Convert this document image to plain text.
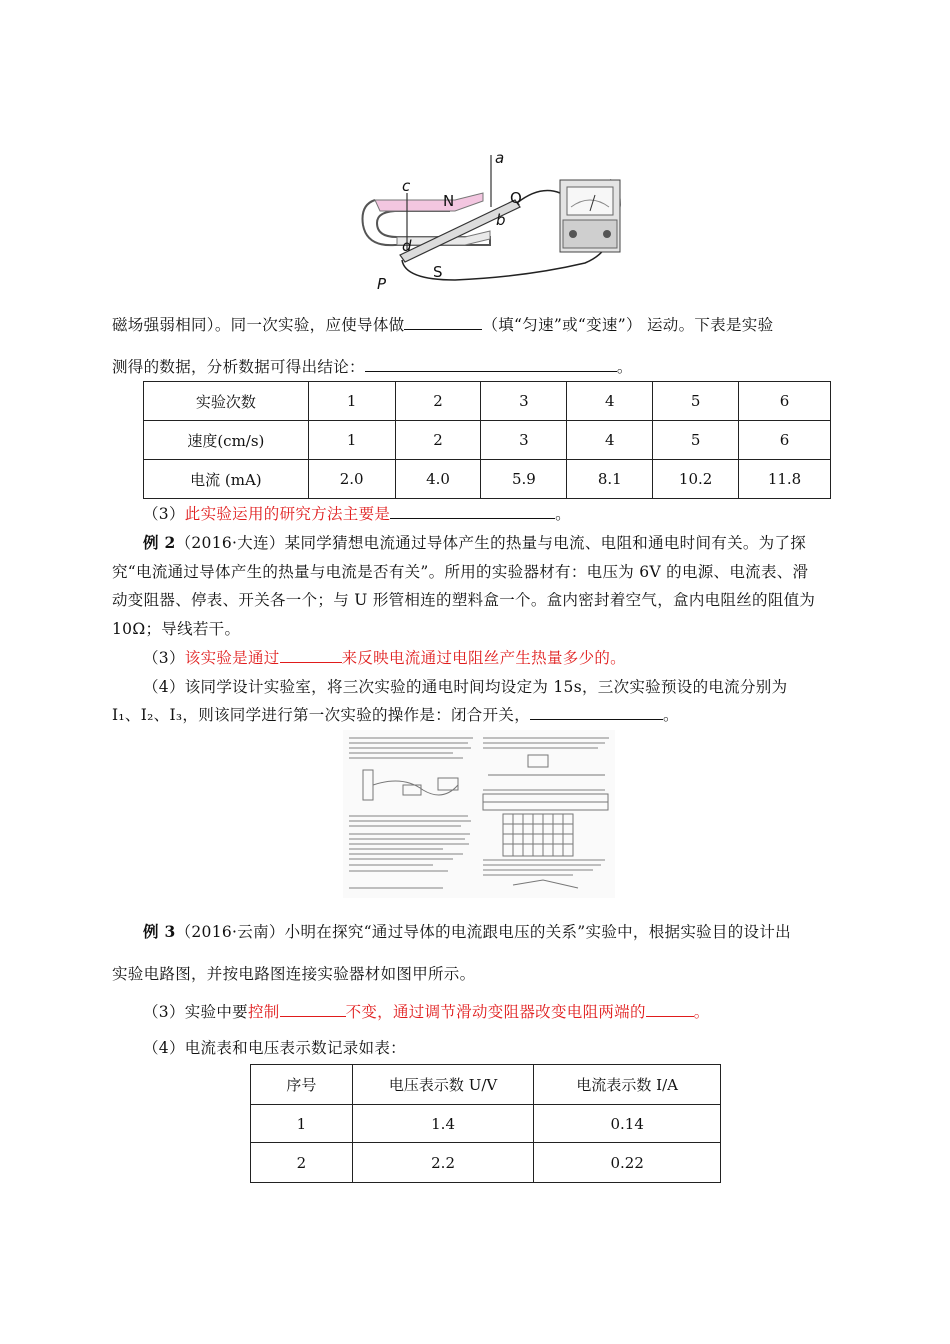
a
c
N	Q
b
d
S
P
磁场强弱相同）。同一次实验，应使导体做	（填“匀速”或“变速”） 运动。下表是实验
测得的数据，分析数据可得出结论：	。
实验次数	1	2	3	4	5	6
速度(cm/s)	1	2	3	4	5	6
电流 (mA)	2.0	4.0	5.9	8.1	10.2	11.8
（3）此实验运用的研究方法主要是	。
例 2（2016·大连）某同学猜想电流通过导体产生的热量与电流、电阻和通电时间有关。为了探
究“电流通过导体产生的热量与电流是否有关”。所用的实验器材有：电压为 6V 的电源、电流表、滑
动变阻器、停表、开关各一个；与 U 形管相连的塑料盒一个。盒内密封着空气，盒内电阻丝的阻值为
10Ω；导线若干。
（3）该实验是通过	来反映电流通过电阻丝产生热量多少的。
（4）该同学设计实验室，将三次实验的通电时间均设定为 15s，三次实验预设的电流分别为
I₁、I₂、I₃，则该同学进行第一次实验的操作是：闭合开关，	。
例 3（2016·云南）小明在探究“通过导体的电流跟电压的关系”实验中，根据实验目的设计出
实验电路图，并按电路图连接实验器材如图甲所示。
（3）实验中要控制	不变，通过调节滑动变阻器改变电阻两端的	。
（4）电流表和电压表示数记录如表：
序号	电压表示数 U/V	电流表示数 I/A
1	1.4	0.14
2	2.2	0.22
